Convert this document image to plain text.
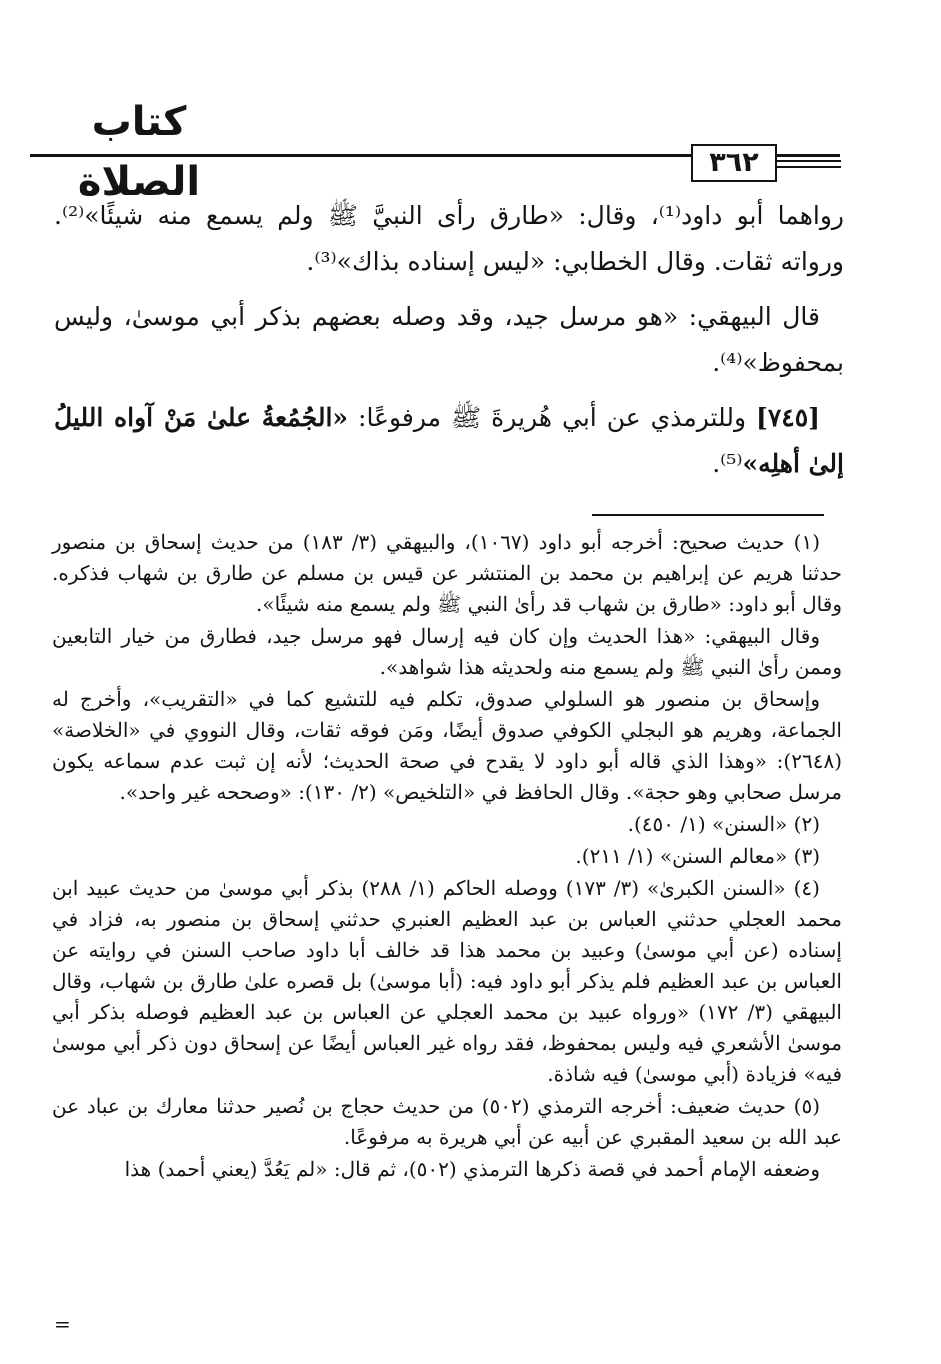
كتاب الصلاة	٣٦٢

رواهما أبو داود⁽¹⁾، وقال: «طارق رأى النبيَّ ﷺ ولم يسمع منه شيئًا»⁽²⁾. ورواته ثقات. وقال الخطابي: «ليس إسناده بذاك»⁽³⁾.

قال البيهقي: «هو مرسل جيد، وقد وصله بعضهم بذكر أبي موسىٰ، وليس بمحفوظ»⁽⁴⁾.

[٧٤٥] وللترمذي عن أبي هُريرةَ ﷺ مرفوعًا: «الجُمُعةُ علىٰ مَنْ آواه الليلُ إلىٰ أهلِه»⁽⁵⁾.

(١) حديث صحيح: أخرجه أبو داود (١٠٦٧)، والبيهقي (٣/ ١٨٣) من حديث إسحاق بن منصور حدثنا هريم عن إبراهيم بن محمد بن المنتشر عن قيس بن مسلم عن طارق بن شهاب فذكره. وقال أبو داود: «طارق بن شهاب قد رأىٰ النبي ﷺ ولم يسمع منه شيئًا».

وقال البيهقي: «هذا الحديث وإن كان فيه إرسال فهو مرسل جيد، فطارق من خيار التابعين وممن رأىٰ النبي ﷺ ولم يسمع منه ولحديثه هذا شواهد».

وإسحاق بن منصور هو السلولي صدوق، تكلم فيه للتشيع كما في «التقريب»، وأخرج له الجماعة، وهريم هو البجلي الكوفي صدوق أيضًا، ومَن فوقه ثقات، وقال النووي في «الخلاصة» (٢٦٤٨): «وهذا الذي قاله أبو داود لا يقدح في صحة الحديث؛ لأنه إن ثبت عدم سماعه يكون مرسل صحابي وهو حجة». وقال الحافظ في «التلخيص» (٢/ ١٣٠): «وصححه غير واحد».

(٢) «السنن» (١/ ٤٥٠).

(٣) «معالم السنن» (١/ ٢١١).

(٤) «السنن الكبرىٰ» (٣/ ١٧٣) ووصله الحاكم (١/ ٢٨٨) بذكر أبي موسىٰ من حديث عبيد ابن محمد العجلي حدثني العباس بن عبد العظيم العنبري حدثني إسحاق بن منصور به، فزاد في إسناده (عن أبي موسىٰ) وعبيد بن محمد هذا قد خالف أبا داود صاحب السنن في روايته عن العباس بن عبد العظيم فلم يذكر أبو داود فيه: (أبا موسىٰ) بل قصره علىٰ طارق بن شهاب، وقال البيهقي (٣/ ١٧٢) «ورواه عبيد بن محمد العجلي عن العباس بن عبد العظيم فوصله بذكر أبي موسىٰ الأشعري فيه وليس بمحفوظ، فقد رواه غير العباس أيضًا عن إسحاق دون ذكر أبي موسىٰ فيه» فزيادة (أبي موسىٰ) فيه شاذة.

(٥) حديث ضعيف: أخرجه الترمذي (٥٠٢) من حديث حجاج بن نُصير حدثنا معارك بن عباد عن عبد الله بن سعيد المقبري عن أبيه عن أبي هريرة به مرفوعًا.

وضعفه الإمام أحمد في قصة ذكرها الترمذي (٥٠٢)، ثم قال: «لم يَعُدَّ (يعني أحمد) هذا

=
